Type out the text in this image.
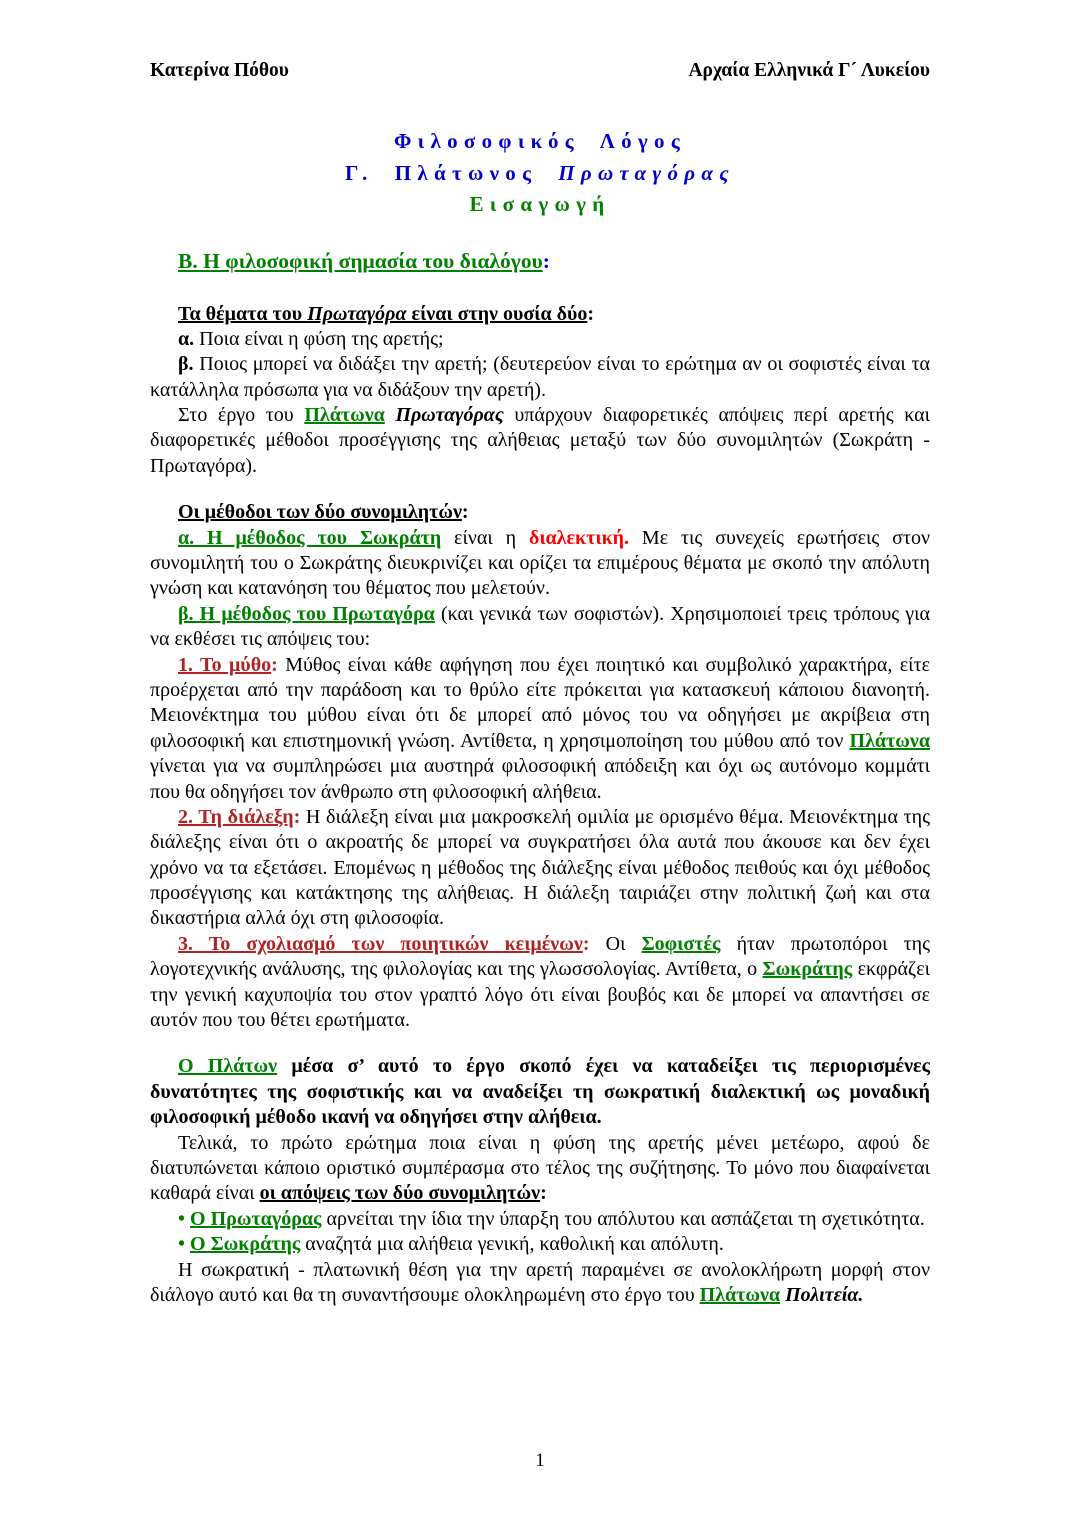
Κατερίνα Πόθου	Αρχαία Ελληνικά Γ´ Λυκείου
Φιλοσοφικός Λόγος
Γ. Πλάτωνος Πρωταγόρας
Εισαγωγή
Β. Η φιλοσοφική σημασία του διαλόγου:
Τα θέματα του Πρωταγόρα είναι στην ουσία δύο:
α. Ποια είναι η φύση της αρετής;
β. Ποιος μπορεί να διδάξει την αρετή; (δευτερεύον είναι το ερώτημα αν οι σοφιστές είναι τα κατάλληλα πρόσωπα για να διδάξουν την αρετή).
Στο έργο του Πλάτωνα Πρωταγόρας υπάρχουν διαφορετικές απόψεις περί αρετής και διαφορετικές μέθοδοι προσέγγισης της αλήθειας μεταξύ των δύο συνομιλητών (Σωκράτη - Πρωταγόρα).
Οι μέθοδοι των δύο συνομιλητών:
α. Η μέθοδος του Σωκράτη είναι η διαλεκτική. Με τις συνεχείς ερωτήσεις στον συνομιλητή του ο Σωκράτης διευκρινίζει και ορίζει τα επιμέρους θέματα με σκοπό την απόλυτη γνώση και κατανόηση του θέματος που μελετούν.
β. Η μέθοδος του Πρωταγόρα (και γενικά των σοφιστών). Χρησιμοποιεί τρεις τρόπους για να εκθέσει τις απόψεις του:
1. Το μύθο: Μύθος είναι κάθε αφήγηση που έχει ποιητικό και συμβολικό χαρακτήρα, είτε προέρχεται από την παράδοση και το θρύλο είτε πρόκειται για κατασκευή κάποιου διανοητή. Μειονέκτημα του μύθου είναι ότι δε μπορεί από μόνος του να οδηγήσει με ακρίβεια στη φιλοσοφική και επιστημονική γνώση. Αντίθετα, η χρησιμοποίηση του μύθου από τον Πλάτωνα γίνεται για να συμπληρώσει μια αυστηρά φιλοσοφική απόδειξη και όχι ως αυτόνομο κομμάτι που θα οδηγήσει τον άνθρωπο στη φιλοσοφική αλήθεια.
2. Τη διάλεξη: Η διάλεξη είναι μια μακροσκελή ομιλία με ορισμένο θέμα. Μειονέκτημα της διάλεξης είναι ότι ο ακροατής δε μπορεί να συγκρατήσει όλα αυτά που άκουσε και δεν έχει χρόνο να τα εξετάσει. Επομένως η μέθοδος της διάλεξης είναι μέθοδος πειθούς και όχι μέθοδος προσέγγισης και κατάκτησης της αλήθειας. Η διάλεξη ταιριάζει στην πολιτική ζωή και στα δικαστήρια αλλά όχι στη φιλοσοφία.
3. Το σχολιασμό των ποιητικών κειμένων: Οι Σοφιστές ήταν πρωτοπόροι της λογοτεχνικής ανάλυσης, της φιλολογίας και της γλωσσολογίας. Αντίθετα, ο Σωκράτης εκφράζει την γενική καχυποψία του στον γραπτό λόγο ότι είναι βουβός και δε μπορεί να απαντήσει σε αυτόν που του θέτει ερωτήματα.
Ο Πλάτων μέσα σ’ αυτό το έργο σκοπό έχει να καταδείξει τις περιορισμένες δυνατότητες της σοφιστικής και να αναδείξει τη σωκρατική διαλεκτική ως μοναδική φιλοσοφική μέθοδο ικανή να οδηγήσει στην αλήθεια.
Τελικά, το πρώτο ερώτημα ποια είναι η φύση της αρετής μένει μετέωρο, αφού δε διατυπώνεται κάποιο οριστικό συμπέρασμα στο τέλος της συζήτησης. Το μόνο που διαφαίνεται καθαρά είναι οι απόψεις των δύο συνομιλητών:
• Ο Πρωταγόρας αρνείται την ίδια την ύπαρξη του απόλυτου και ασπάζεται τη σχετικότητα.
• Ο Σωκράτης αναζητά μια αλήθεια γενική, καθολική και απόλυτη.
Η σωκρατική - πλατωνική θέση για την αρετή παραμένει σε ανολοκλήρωτη μορφή στον διάλογο αυτό και θα τη συναντήσουμε ολοκληρωμένη στο έργο του Πλάτωνα Πολιτεία.
1
